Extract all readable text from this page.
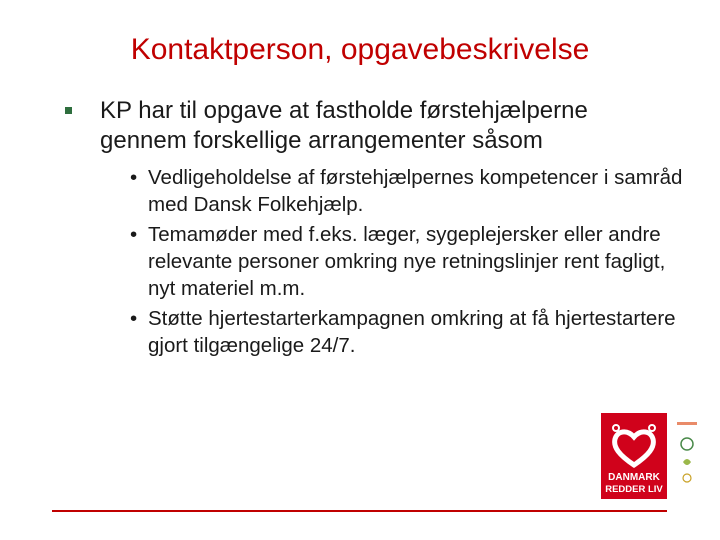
Kontaktperson, opgavebeskrivelse
KP har til opgave at fastholde førstehjælperne gennem forskellige arrangementer såsom
• Vedligeholdelse af førstehjælpernes kompetencer i samråd med Dansk Folkehjælp.
• Temamøder med f.eks. læger, sygeplejersker eller andre relevante personer omkring nye retningslinjer rent fagligt, nyt materiel m.m.
• Støtte hjertestarterkampagnen omkring at få hjertestartere gjort tilgængelige 24/7.
DANMARK
REDDER LIV
